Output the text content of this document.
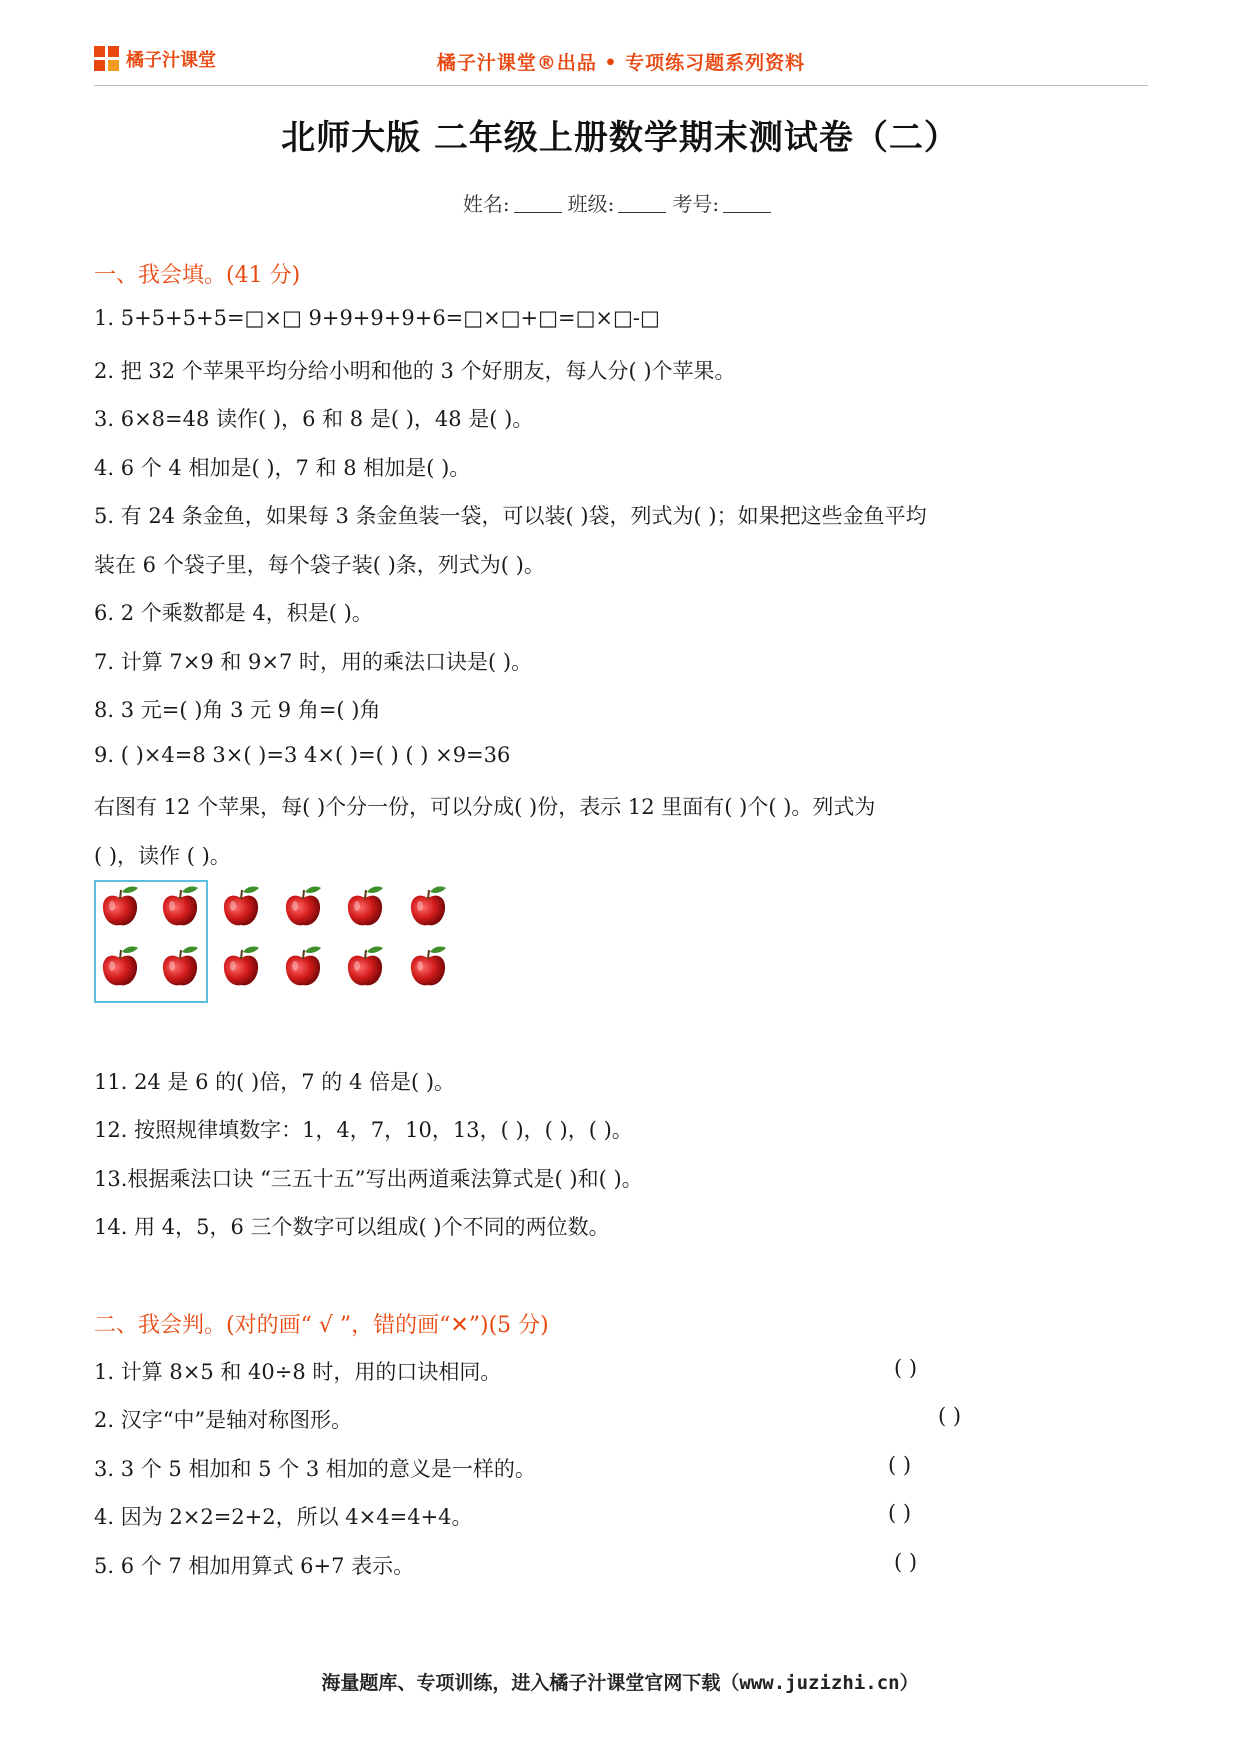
橘子汁课堂	橘子汁课堂®出品 • 专项练习题系列资料
北师大版 二年级上册数学期末测试卷（二）
姓名:	班级:	考号:
一、我会填。(41 分)
1. 5+5+5+5=□×□ 9+9+9+9+6=□×□+□=□×□-□
2. 把 32 个苹果平均分给小明和他的 3 个好朋友，每人分( )个苹果。
3. 6×8=48 读作( )，6 和 8 是( )，48 是( )。
4. 6 个 4 相加是( )，7 和 8 相加是( )。
5. 有 24 条金鱼，如果每 3 条金鱼装一袋，可以装( )袋，列式为( )；如果把这些金鱼平均
装在 6 个袋子里，每个袋子装( )条，列式为( )。
6. 2 个乘数都是 4，积是( )。
7. 计算 7×9 和 9×7 时，用的乘法口诀是( )。
8. 3 元=( )角 3 元 9 角=( )角
9. ( )×4=8 3×( )=3 4×( )=( ) ( ) ×9=36
右图有 12 个苹果，每( )个分一份，可以分成( )份，表示 12 里面有( )个( )。列式为
( )，读作 ( )。
11. 24 是 6 的( )倍，7 的 4 倍是( )。
12. 按照规律填数字：1，4，7，10，13，( )，( )，( )。
13.根据乘法口诀 “三五十五”写出两道乘法算式是( )和( )。
14. 用 4，5，6 三个数字可以组成( )个不同的两位数。
二、我会判。(对的画“ √ ”，错的画“✕”)(5 分)
1. 计算 8×5 和 40÷8 时，用的口诀相同。	( )
2. 汉字“中”是轴对称图形。	( )
3. 3 个 5 相加和 5 个 3 相加的意义是一样的。	( )
4. 因为 2×2=2+2，所以 4×4=4+4。	( )
5. 6 个 7 相加用算式 6+7 表示。	( )
海量题库、专项训练，进入橘子汁课堂官网下载（www.juzizhi.cn）
